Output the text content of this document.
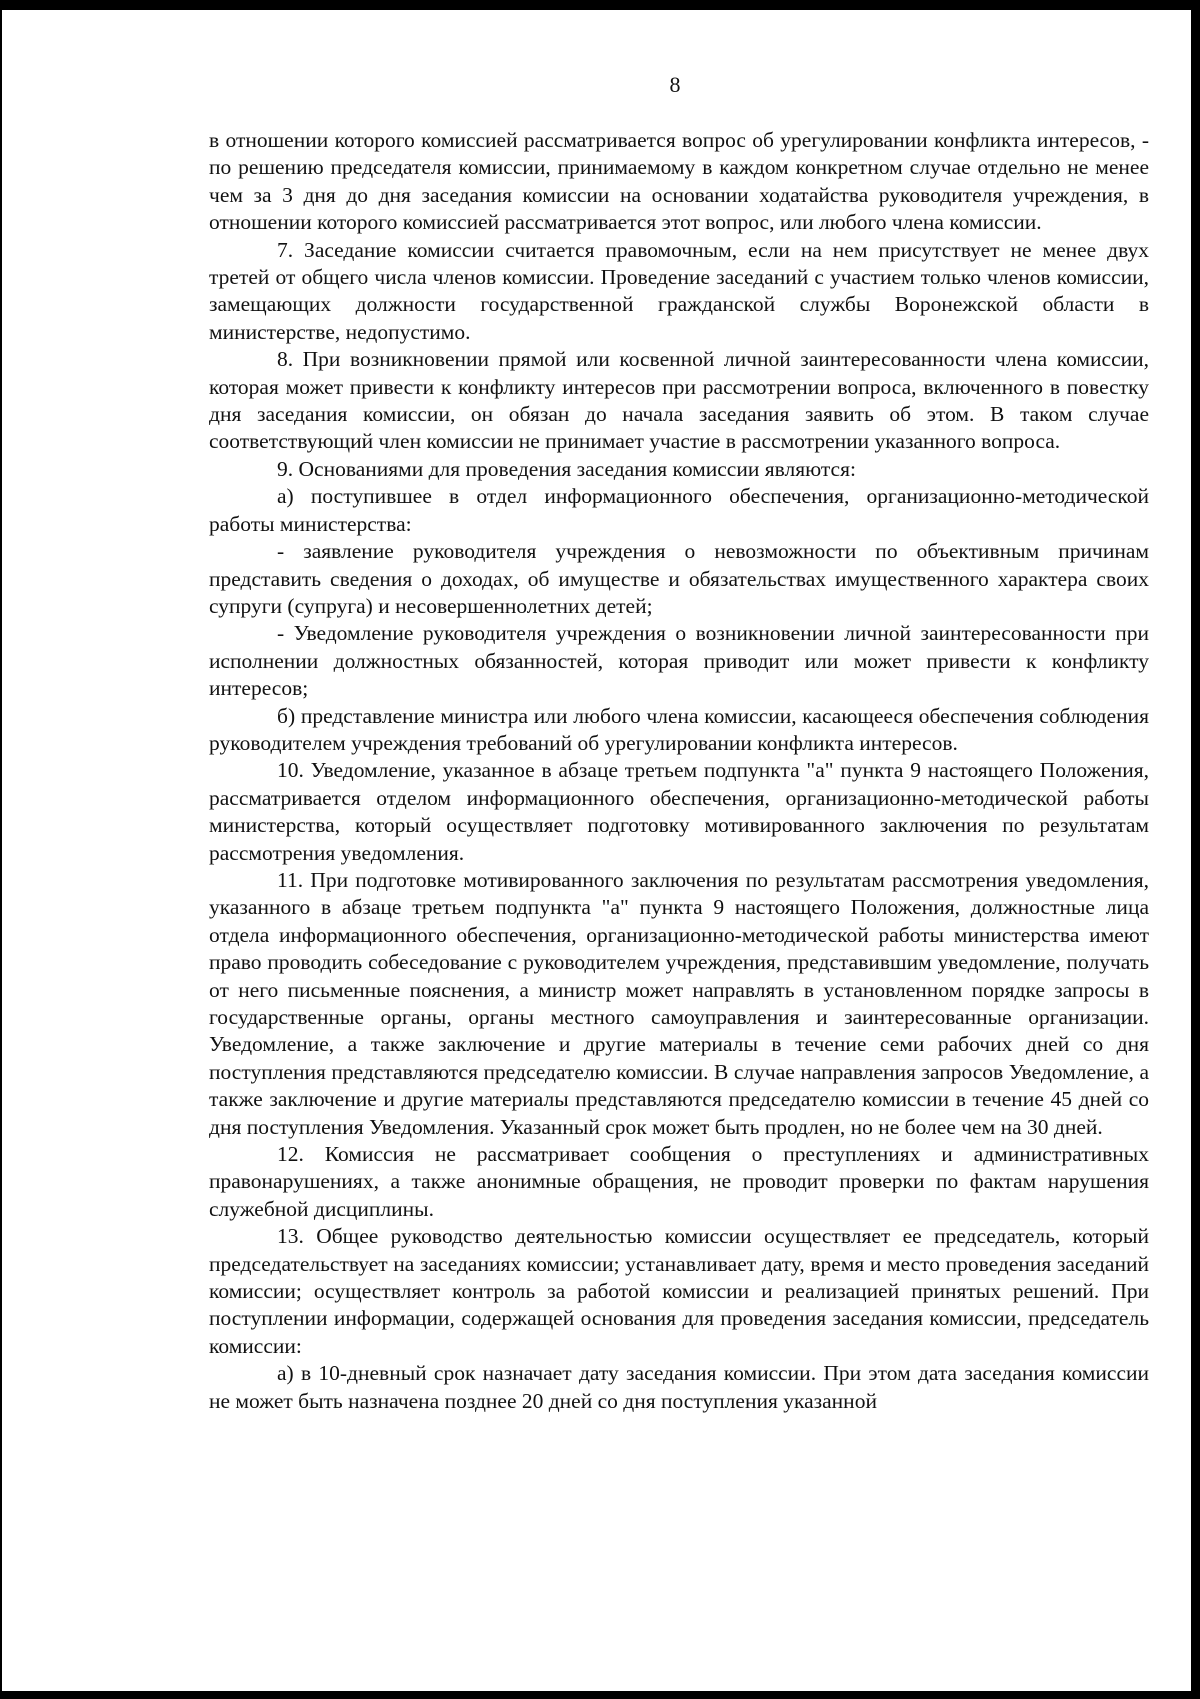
8

в отношении которого комиссией рассматривается вопрос об урегулировании конфликта интересов, - по решению председателя комиссии, принимаемому в каждом конкретном случае отдельно не менее чем за 3 дня до дня заседания комиссии на основании ходатайства руководителя учреждения, в отношении которого комиссией рассматривается этот вопрос, или любого члена комиссии.

7. Заседание комиссии считается правомочным, если на нем присутствует не менее двух третей от общего числа членов комиссии. Проведение заседаний с участием только членов комиссии, замещающих должности государственной гражданской службы Воронежской области в министерстве, недопустимо.

8. При возникновении прямой или косвенной личной заинтересованности члена комиссии, которая может привести к конфликту интересов при рассмотрении вопроса, включенного в повестку дня заседания комиссии, он обязан до начала заседания заявить об этом. В таком случае соответствующий член комиссии не принимает участие в рассмотрении указанного вопроса.

9. Основаниями для проведения заседания комиссии являются:

а) поступившее в отдел информационного обеспечения, организационно-методической работы министерства:

- заявление руководителя учреждения о невозможности по объективным причинам представить сведения о доходах, об имуществе и обязательствах имущественного характера своих супруги (супруга) и несовершеннолетних детей;

- Уведомление руководителя учреждения о возникновении личной заинтересованности при исполнении должностных обязанностей, которая приводит или может привести к конфликту интересов;

б) представление министра или любого члена комиссии, касающееся обеспечения соблюдения руководителем учреждения требований об урегулировании конфликта интересов.

10. Уведомление, указанное в абзаце третьем подпункта "а" пункта 9 настоящего Положения, рассматривается отделом информационного обеспечения, организационно-методической работы министерства, который осуществляет подготовку мотивированного заключения по результатам рассмотрения уведомления.

11. При подготовке мотивированного заключения по результатам рассмотрения уведомления, указанного в абзаце третьем подпункта "а" пункта 9 настоящего Положения, должностные лица отдела информационного обеспечения, организационно-методической работы министерства имеют право проводить собеседование с руководителем учреждения, представившим уведомление, получать от него письменные пояснения, а министр может направлять в установленном порядке запросы в государственные органы, органы местного самоуправления и заинтересованные организации. Уведомление, а также заключение и другие материалы в течение семи рабочих дней со дня поступления представляются председателю комиссии. В случае направления запросов Уведомление, а также заключение и другие материалы представляются председателю комиссии в течение 45 дней со дня поступления Уведомления. Указанный срок может быть продлен, но не более чем на 30 дней.

12. Комиссия не рассматривает сообщения о преступлениях и административных правонарушениях, а также анонимные обращения, не проводит проверки по фактам нарушения служебной дисциплины.

13. Общее руководство деятельностью комиссии осуществляет ее председатель, который председательствует на заседаниях комиссии; устанавливает дату, время и место проведения заседаний комиссии; осуществляет контроль за работой комиссии и реализацией принятых решений. При поступлении информации, содержащей основания для проведения заседания комиссии, председатель комиссии:

а) в 10-дневный срок назначает дату заседания комиссии. При этом дата заседания комиссии не может быть назначена позднее 20 дней со дня поступления указанной
